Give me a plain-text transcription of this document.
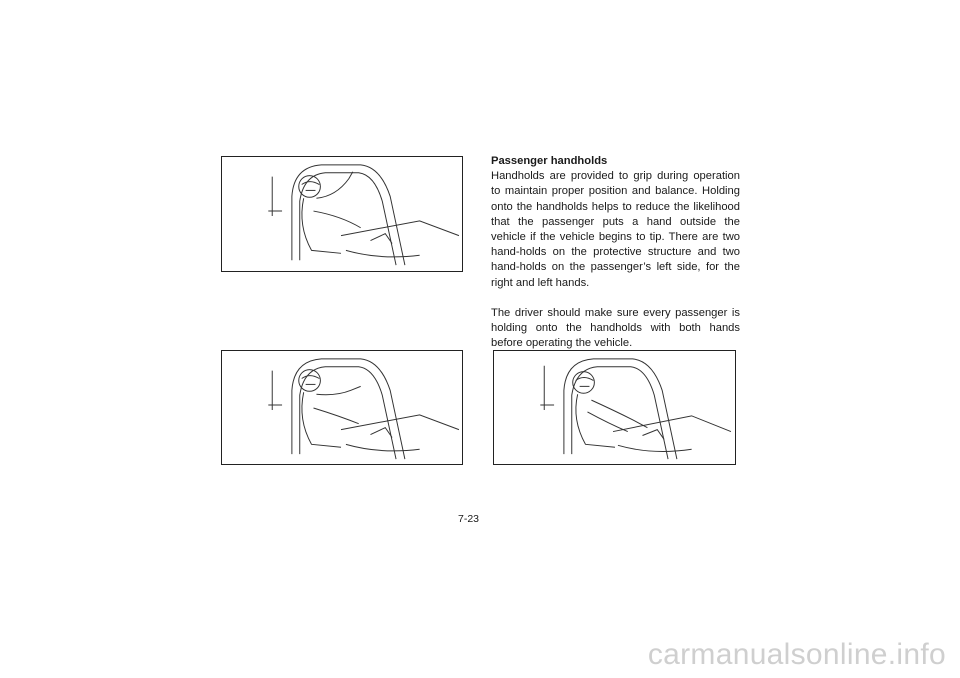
Passenger handholds

Handholds are provided to grip during operation to maintain proper position and balance. Holding onto the handholds helps to reduce the likelihood that the passenger puts a hand outside the vehicle if the vehicle begins to tip. There are two hand-holds on the protective structure and two hand-holds on the passenger’s left side, for the right and left hands.

The driver should make sure every passenger is holding onto the handholds with both hands before operating the vehicle.

7-23
carmanualsonline.info
